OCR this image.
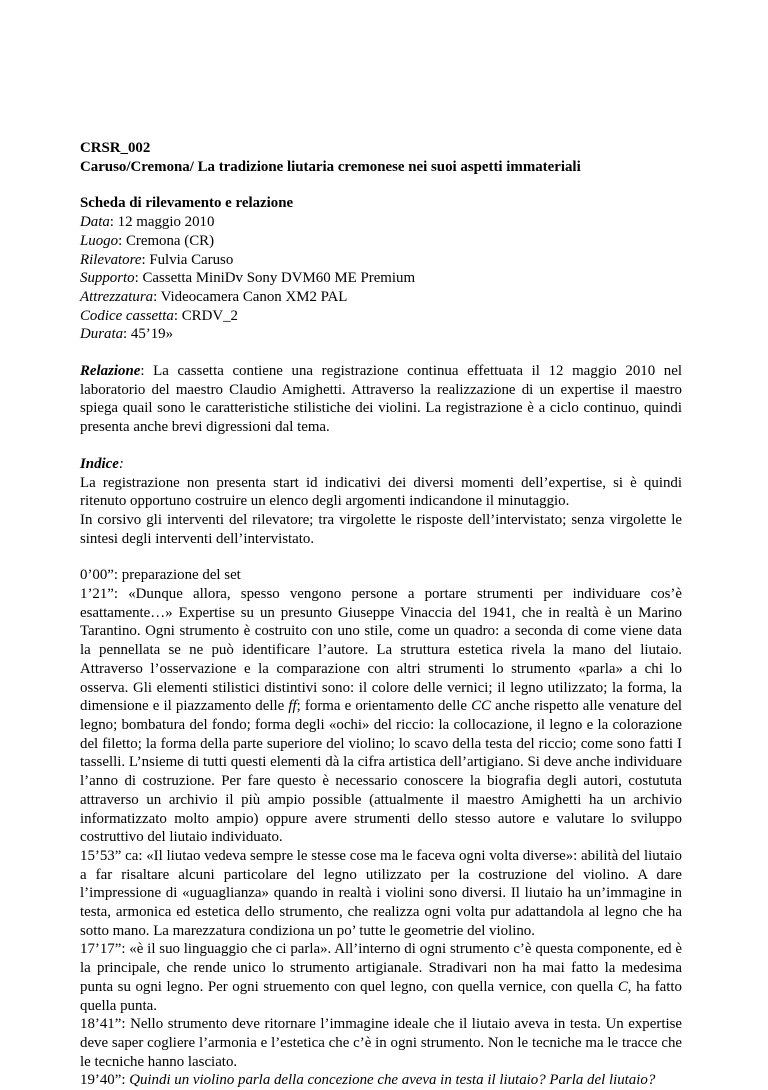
CRSR_002

Caruso/Cremona/ La tradizione liutaria cremonese nei suoi aspetti immateriali

Scheda di rilevamento e relazione

Data: 12 maggio 2010

Luogo: Cremona (CR)

Rilevatore: Fulvia Caruso

Supporto: Cassetta MiniDv Sony DVM60 ME Premium

Attrezzatura: Videocamera Canon XM2 PAL

Codice cassetta: CRDV_2

Durata: 45’19»

Relazione: La cassetta contiene una registrazione continua effettuata il 12 maggio 2010 nel laboratorio del maestro Claudio Amighetti. Attraverso la realizzazione di un expertise il maestro spiega quail sono le caratteristiche stilistiche dei violini. La registrazione è a ciclo continuo, quindi presenta anche brevi digressioni dal tema.

Indice:

La registrazione non presenta start id indicativi dei diversi momenti dell’expertise, si è quindi ritenuto opportuno costruire un elenco degli argomenti indicandone il minutaggio.

In corsivo gli interventi del rilevatore; tra virgolette le risposte dell’intervistato; senza virgolette le sintesi degli interventi dell’intervistato.

0’00”: preparazione del set

1’21”: «Dunque allora, spesso vengono persone a portare strumenti per individuare cos’è esattamente…» Expertise su un presunto Giuseppe Vinaccia del 1941, che in realtà è un Marino Tarantino. Ogni strumento è costruito con uno stile, come un quadro: a seconda di come viene data la pennellata se ne può identificare l’autore. La struttura estetica rivela la mano del liutaio. Attraverso l’osservazione e la comparazione con altri strumenti lo strumento «parla» a chi lo osserva. Gli elementi stilistici distintivi sono: il colore delle vernici; il legno utilizzato; la forma, la dimensione e il piazzamento delle ff; forma e orientamento delle CC anche rispetto alle venature del legno; bombatura del fondo; forma degli «ochi» del riccio: la collocazione, il legno e la colorazione del filetto; la forma della parte superiore del violino; lo scavo della testa del riccio; come sono fatti I tasselli. L’nsieme di tutti questi elementi dà la cifra artistica dell’artigiano. Si deve anche individuare l’anno di costruzione. Per fare questo è necessario conoscere la biografia degli autori, costututa attraverso un archivio il più ampio possible (attualmente il maestro Amighetti ha un archivio informatizzato molto ampio) oppure avere strumenti dello stesso autore e valutare lo sviluppo costruttivo del liutaio individuato.

15’53” ca: «Il liutao vedeva sempre le stesse cose ma le faceva ogni volta diverse»: abilità del liutaio a far risaltare alcuni particolare del legno utilizzato per la costruzione del violino. A dare l’impressione di «uguaglianza» quando in realtà i violini sono diversi. Il liutaio ha un’immagine in testa, armonica ed estetica dello strumento, che realizza ogni volta pur adattandola al legno che ha sotto mano. La marezzatura condiziona un po’ tutte le geometrie del violino.

17’17”: «è il suo linguaggio che ci parla». All’interno di ogni strumento c’è questa componente, ed è la principale, che rende unico lo strumento artigianale. Stradivari non ha mai fatto la medesima punta su ogni legno. Per ogni struemento con quel legno, con quella vernice, con quella C, ha fatto quella punta.

18’41”: Nello strumento deve ritornare l’immagine ideale che il liutaio aveva in testa. Un expertise deve saper cogliere l’armonia e l’estetica che c’è in ogni strumento. Non le tecniche ma le tracce che le tecniche hanno lasciato.

19’40”: Quindi un violino parla della concezione che aveva in testa il liutaio? Parla del liutaio?
